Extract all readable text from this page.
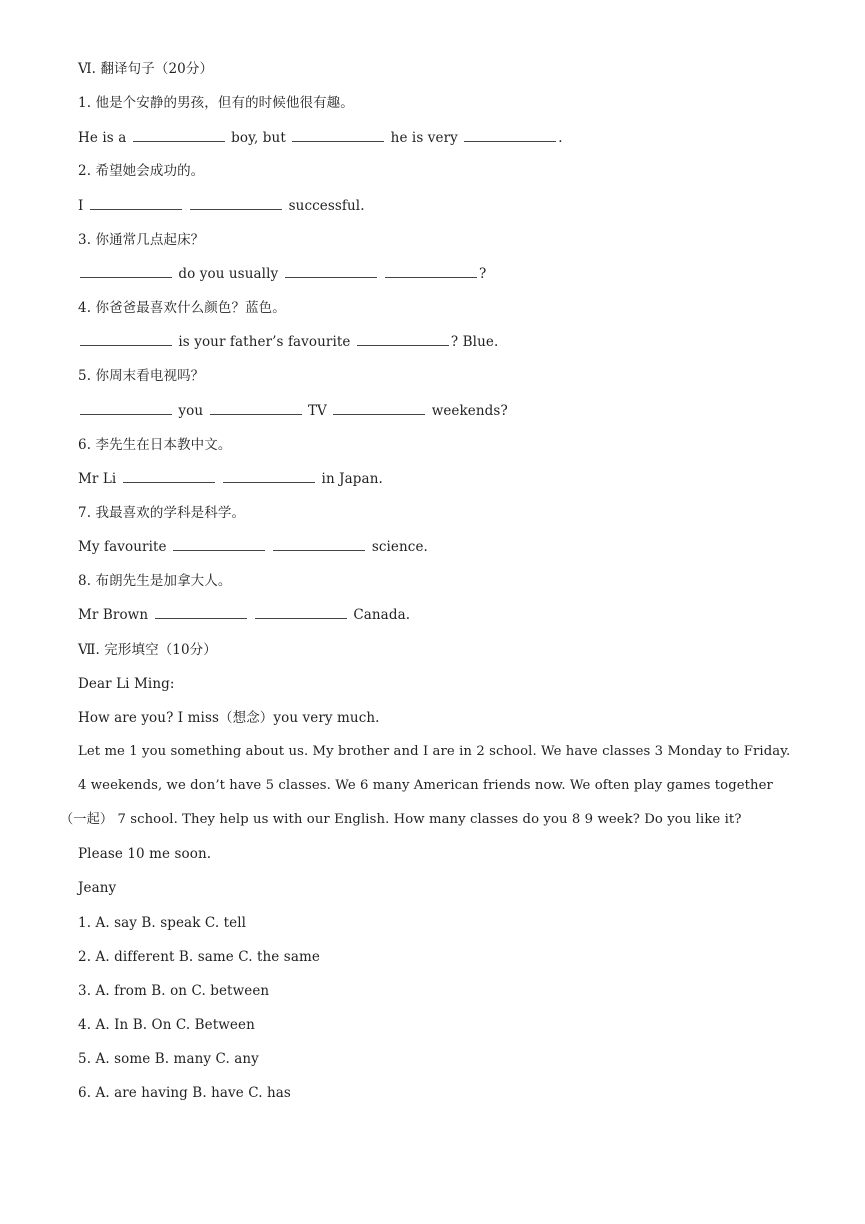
Ⅵ. 翻译句子（20分）
1. 他是个安静的男孩，但有的时候他很有趣。
He is a	boy, but	he is very	.
2. 希望她会成功的。
I	successful.
3. 你通常几点起床？
do you usually	?
4. 你爸爸最喜欢什么颜色？蓝色。
is your father’s favourite	? Blue.
5. 你周末看电视吗？
you	TV	weekends?
6. 李先生在日本教中文。
Mr Li	in Japan.
7. 我最喜欢的学科是科学。
My favourite	science.
8. 布朗先生是加拿大人。
Mr Brown	Canada.
Ⅶ. 完形填空（10分）
Dear Li Ming:
How are you? I miss（想念）you very much.
Let me 1 you something about us. My brother and I are in 2 school. We have classes 3 Monday to Friday.
4 weekends, we don’t have 5 classes. We 6 many American friends now. We often play games together
（一起） 7 school. They help us with our English. How many classes do you 8 9 week? Do you like it?
Please 10 me soon.
Jeany
1. A. say B. speak C. tell
2. A. different B. same C. the same
3. A. from B. on C. between
4. A. In B. On C. Between
5. A. some B. many C. any
6. A. are having B. have C. has
